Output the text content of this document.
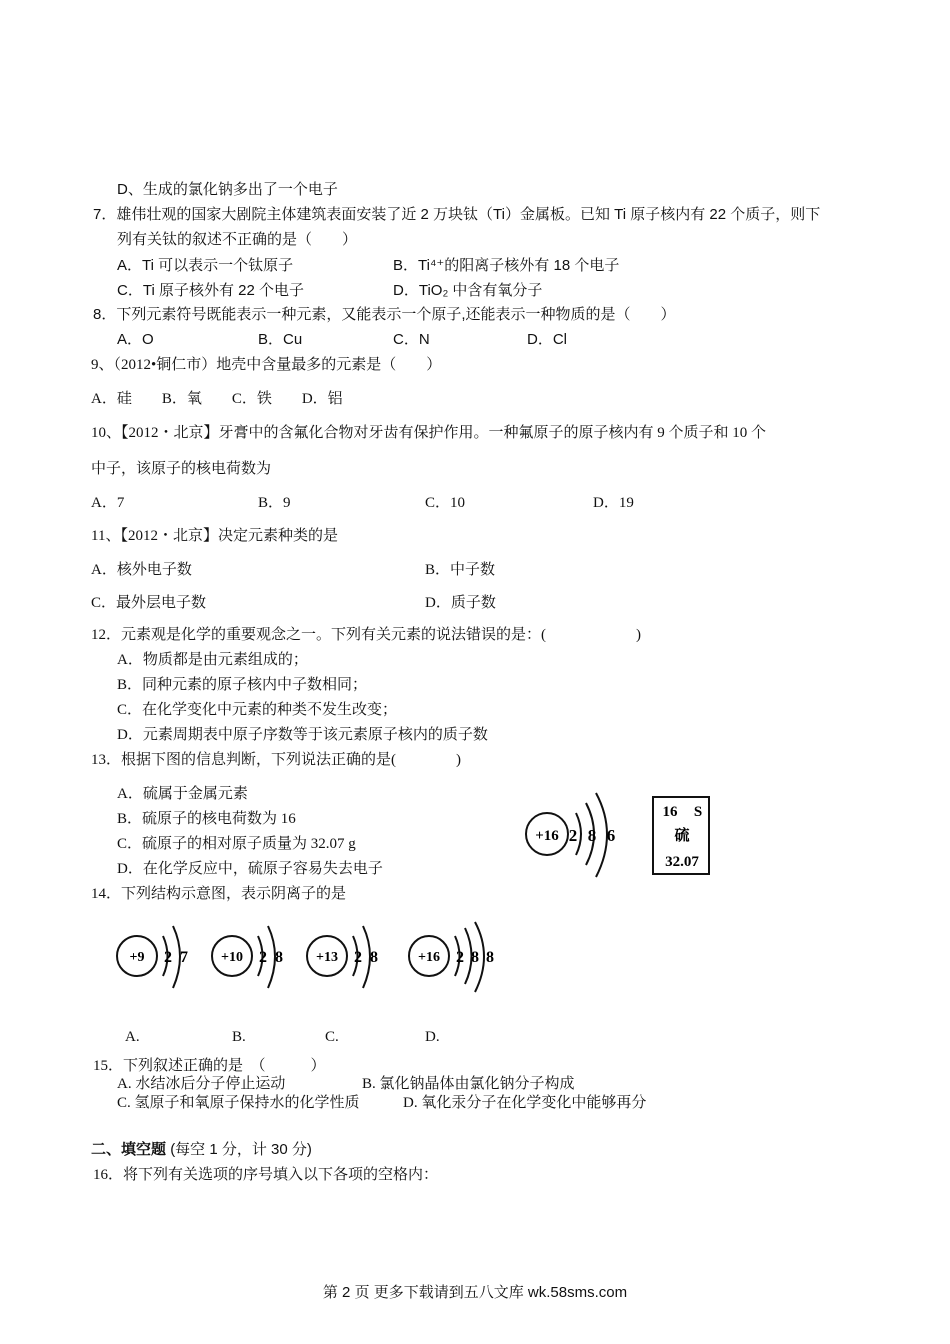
D、生成的氯化钠多出了一个电子
7．雄伟壮观的国家大剧院主体建筑表面安装了近 2 万块钛（Ti）金属板。已知 Ti 原子核内有 22 个质子，则下
列有关钛的叙述不正确的是（　　）
A．Ti 可以表示一个钛原子	B．Ti⁴⁺的阳离子核外有 18 个电子
C．Ti 原子核外有 22 个电子	D．TiO₂ 中含有氧分子
8．下列元素符号既能表示一种元素，又能表示一个原子,还能表示一种物质的是（　　）
A．O	B．Cu	C．N	D．Cl
9、（2012•铜仁市）地壳中含量最多的元素是（　　）
A．硅　　B．氧　　C．铁　　D．铝
10、【2012・北京】牙膏中的含氟化合物对牙齿有保护作用。一种氟原子的原子核内有 9 个质子和 10 个
中子，该原子的核电荷数为
A．7	B．9	C．10	D．19
11、【2012・北京】决定元素种类的是
A．核外电子数	B．中子数
C．最外层电子数	D．质子数
12．元素观是化学的重要观念之一。下列有关元素的说法错误的是：(　　　　　　)
A．物质都是由元素组成的；
B．同种元素的原子核内中子数相同；
C．在化学变化中元素的种类不发生改变；
D．元素周期表中原子序数等于该元素原子核内的质子数
13．根据下图的信息判断，下列说法正确的是(　　　　)
A．硫属于金属元素
B．硫原子的核电荷数为 16
C．硫原子的相对原子质量为 32.07 g
D．在化学反应中，硫原子容易失去电子
+16 2 8 6
16 S
硫
32.07
14．下列结构示意图，表示阴离子的是
+9 2 7 +10 2 8 +13 2 8	+16 2 8 8
A.	B.	C.	D.
15．下列叙述正确的是　（　　　）
A. 水结冰后分子停止运动	B. 氯化钠晶体由氯化钠分子构成
C. 氢原子和氧原子保持水的化学性质	D. 氧化汞分子在化学变化中能够再分
二、填空题 (每空 1 分，计 30 分)
16．将下列有关选项的序号填入以下各项的空格内：
第 2 页 更多下载请到五八文库 wk.58sms.com
